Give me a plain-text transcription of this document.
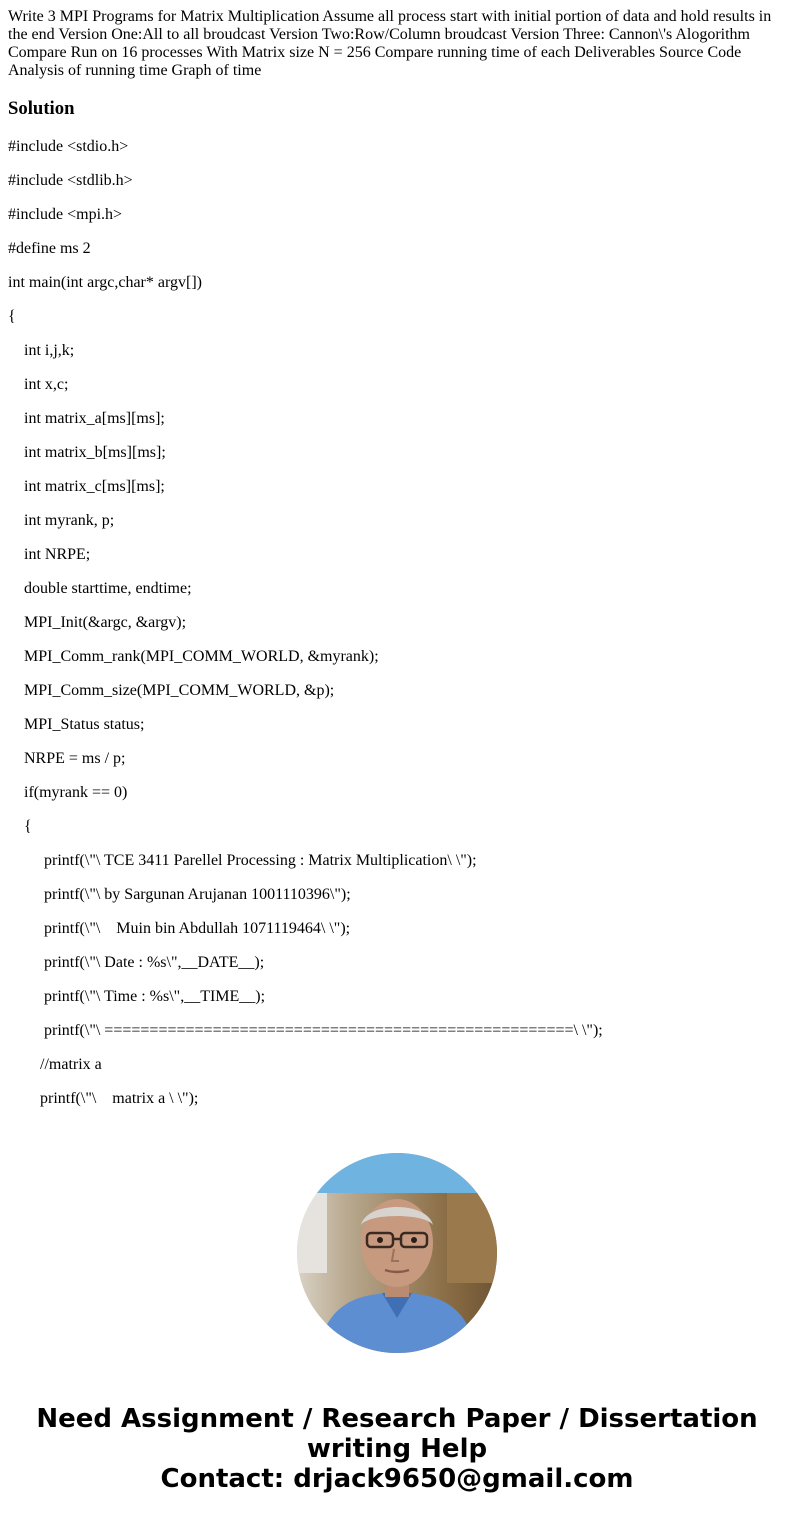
Write 3 MPI Programs for Matrix Multiplication Assume all process start with initial portion of data and hold results in the end Version One:All to all broudcast Version Two:Row/Column broudcast Version Three: Cannon\'s Alogorithm Compare Run on 16 processes With Matrix size N = 256 Compare running time of each Deliverables Source Code Analysis of running time Graph of time

Solution

#include <stdio.h>

#include <stdlib.h>

#include <mpi.h>

#define ms 2

int main(int argc,char* argv[])

{

int i,j,k;

int x,c;

int matrix_a[ms][ms];

int matrix_b[ms][ms];

int matrix_c[ms][ms];

int myrank, p;

int NRPE;

double starttime, endtime;

MPI_Init(&argc, &argv);

MPI_Comm_rank(MPI_COMM_WORLD, &myrank);

MPI_Comm_size(MPI_COMM_WORLD, &p);

MPI_Status status;

NRPE = ms / p;

if(myrank == 0)

{

printf(\"\ TCE 3411 Parellel Processing : Matrix Multiplication\ \");

printf(\"\ by Sargunan Arujanan 1001110396\");

printf(\"\    Muin bin Abdullah 1071119464\ \");

printf(\"\ Date : %s\",__DATE__);

printf(\"\ Time : %s\",__TIME__);

printf(\"\ ====================================================\ \");

//matrix a

printf(\"\    matrix a \ \");

Need Assignment / Research Paper / Dissertation
writing Help
Contact: drjack9650@gmail.com
